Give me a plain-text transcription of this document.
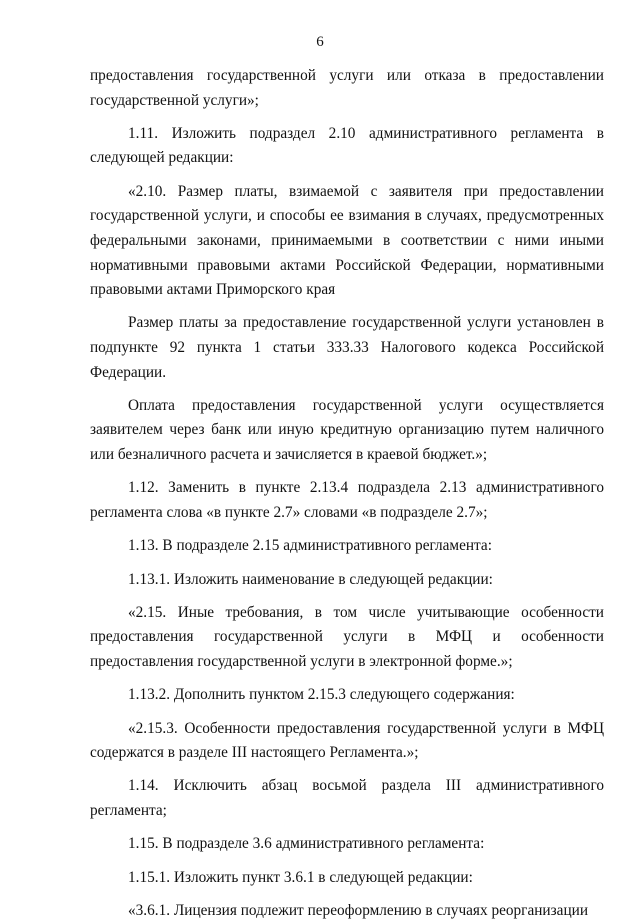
6

предоставления государственной услуги или отказа в предоставлении государственной услуги»;

1.11. Изложить подраздел 2.10 административного регламента в следующей редакции:

«2.10. Размер платы, взимаемой с заявителя при предоставлении государственной услуги, и способы ее взимания в случаях, предусмотренных федеральными законами, принимаемыми в соответствии с ними иными нормативными правовыми актами Российской Федерации, нормативными правовыми актами Приморского края

Размер платы за предоставление государственной услуги установлен в подпункте 92 пункта 1 статьи 333.33 Налогового кодекса Российской Федерации.

Оплата предоставления государственной услуги осуществляется заявителем через банк или иную кредитную организацию путем наличного или безналичного расчета и зачисляется в краевой бюджет.»;

1.12. Заменить в пункте 2.13.4 подраздела 2.13 административного регламента слова «в пункте 2.7» словами «в подразделе 2.7»;

1.13. В подразделе 2.15 административного регламента:

1.13.1. Изложить наименование в следующей редакции:

«2.15. Иные требования, в том числе учитывающие особенности предоставления государственной услуги в МФЦ и особенности предоставления государственной услуги в электронной форме.»;

1.13.2. Дополнить пунктом 2.15.3 следующего содержания:

«2.15.3. Особенности предоставления государственной услуги в МФЦ содержатся в разделе III настоящего Регламента.»;

1.14. Исключить абзац восьмой раздела III административного регламента;

1.15. В подразделе 3.6 административного регламента:

1.15.1. Изложить пункт 3.6.1 в следующей редакции:

«3.6.1. Лицензия подлежит переоформлению в случаях реорганизации
